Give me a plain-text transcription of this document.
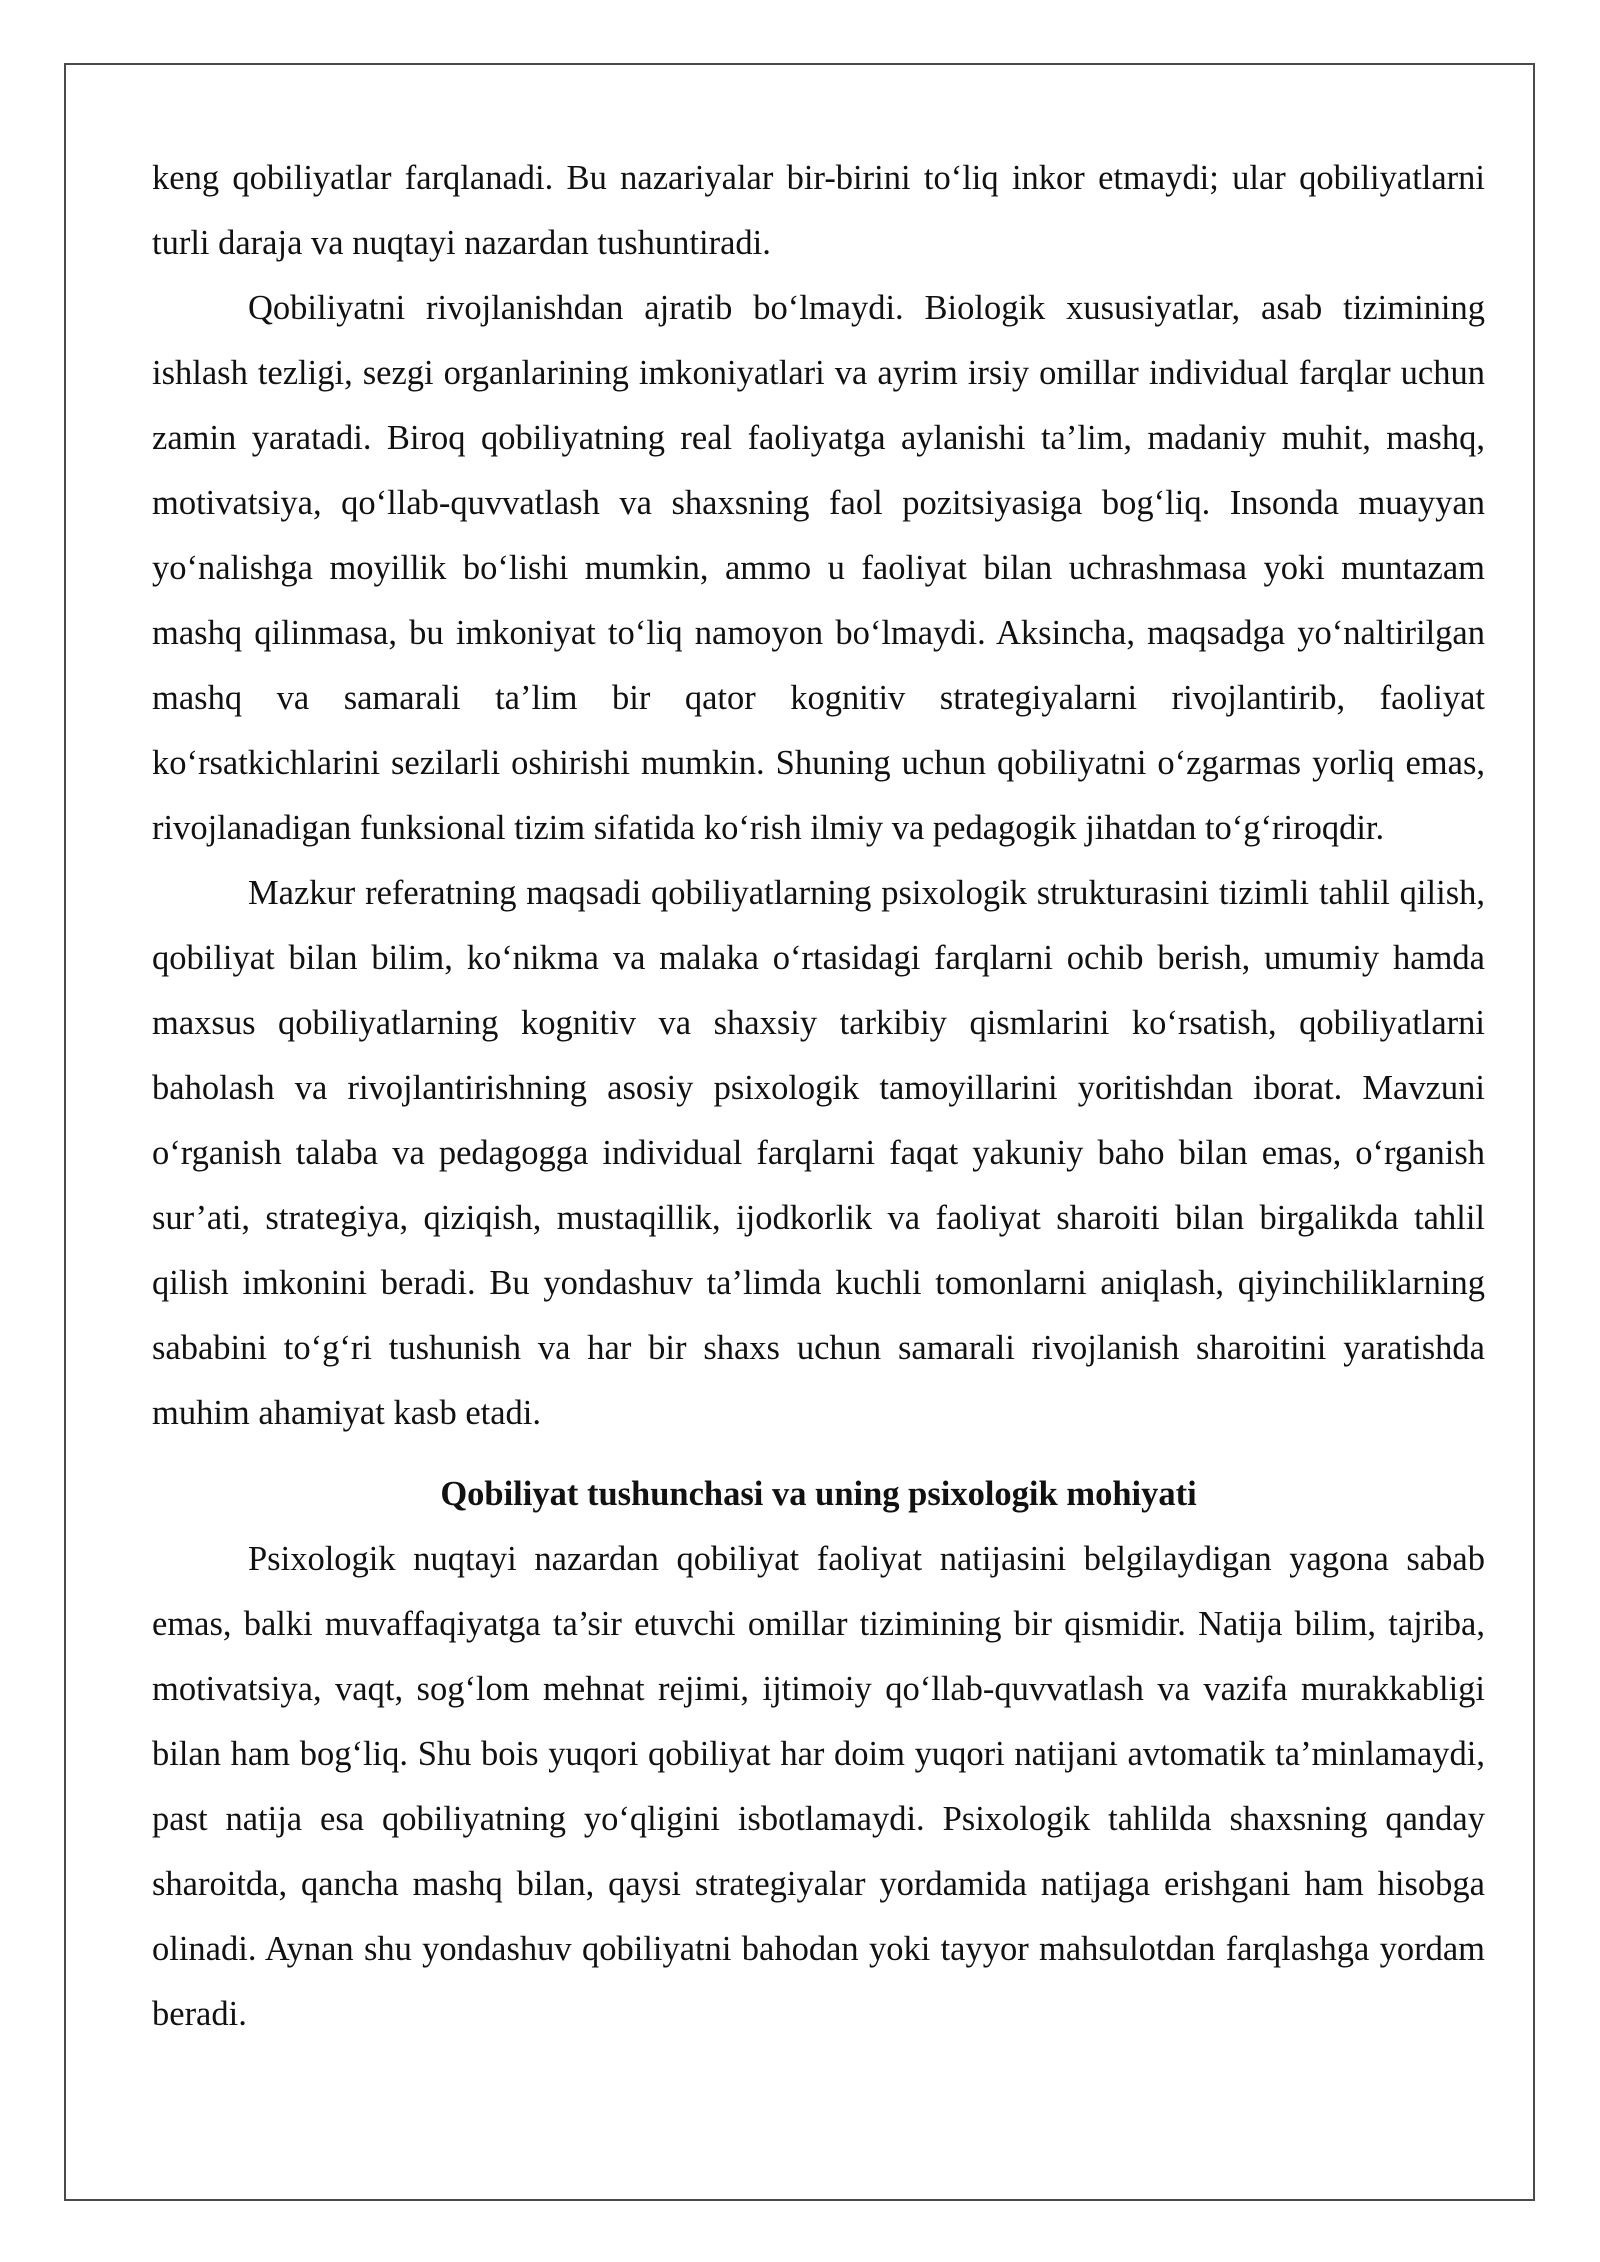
keng qobiliyatlar farqlanadi. Bu nazariyalar bir-birini to‘liq inkor etmaydi; ular qobiliyatlarni turli daraja va nuqtayi nazardan tushuntiradi.

Qobiliyatni rivojlanishdan ajratib bo‘lmaydi. Biologik xususiyatlar, asab tizimining ishlash tezligi, sezgi organlarining imkoniyatlari va ayrim irsiy omillar individual farqlar uchun zamin yaratadi. Biroq qobiliyatning real faoliyatga aylanishi ta’lim, madaniy muhit, mashq, motivatsiya, qo‘llab-quvvatlash va shaxsning faol pozitsiyasiga bog‘liq. Insonda muayyan yo‘nalishga moyillik bo‘lishi mumkin, ammo u faoliyat bilan uchrashmasa yoki muntazam mashq qilinmasa, bu imkoniyat to‘liq namoyon bo‘lmaydi. Aksincha, maqsadga yo‘naltirilgan mashq va samarali ta’lim bir qator kognitiv strategiyalarni rivojlantirib, faoliyat ko‘rsatkichlarini sezilarli oshirishi mumkin. Shuning uchun qobiliyatni o‘zgarmas yorliq emas, rivojlanadigan funksional tizim sifatida ko‘rish ilmiy va pedagogik jihatdan to‘g‘riroqdir.

Mazkur referatning maqsadi qobiliyatlarning psixologik strukturasini tizimli tahlil qilish, qobiliyat bilan bilim, ko‘nikma va malaka o‘rtasidagi farqlarni ochib berish, umumiy hamda maxsus qobiliyatlarning kognitiv va shaxsiy tarkibiy qismlarini ko‘rsatish, qobiliyatlarni baholash va rivojlantirishning asosiy psixologik tamoyillarini yoritishdan iborat. Mavzuni o‘rganish talaba va pedagogga individual farqlarni faqat yakuniy baho bilan emas, o‘rganish sur’ati, strategiya, qiziqish, mustaqillik, ijodkorlik va faoliyat sharoiti bilan birgalikda tahlil qilish imkonini beradi. Bu yondashuv ta’limda kuchli tomonlarni aniqlash, qiyinchiliklarning sababini to‘g‘ri tushunish va har bir shaxs uchun samarali rivojlanish sharoitini yaratishda muhim ahamiyat kasb etadi.

Qobiliyat tushunchasi va uning psixologik mohiyati

Psixologik nuqtayi nazardan qobiliyat faoliyat natijasini belgilaydigan yagona sabab emas, balki muvaffaqiyatga ta’sir etuvchi omillar tizimining bir qismidir. Natija bilim, tajriba, motivatsiya, vaqt, sog‘lom mehnat rejimi, ijtimoiy qo‘llab-quvvatlash va vazifa murakkabligi bilan ham bog‘liq. Shu bois yuqori qobiliyat har doim yuqori natijani avtomatik ta’minlamaydi, past natija esa qobiliyatning yo‘qligini isbotlamaydi. Psixologik tahlilda shaxsning qanday sharoitda, qancha mashq bilan, qaysi strategiyalar yordamida natijaga erishgani ham hisobga olinadi. Aynan shu yondashuv qobiliyatni bahodan yoki tayyor mahsulotdan farqlashga yordam beradi.
